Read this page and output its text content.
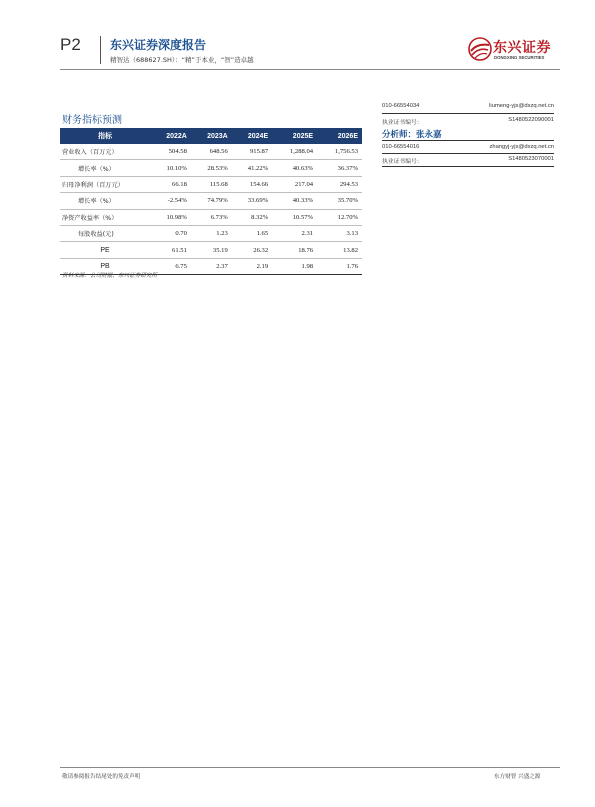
P2 东兴证券深度报告
精智达（688627.SH）：“精”于本业，“智”造卓越
东兴证券
DONGXING SECURITIES
财务指标预测
指标	2022A	2023A	2024E	2025E	2026E
营业收入（百万元）	504.58	648.56	915.87	1,288.04	1,756.53
增长率（%）	10.10%	28.53%	41.22%	40.63%	36.37%
归母净利润（百万元）	66.18	115.68	154.66	217.04	294.53
增长率（%）	-2.54%	74.79%	33.69%	40.33%	35.70%
净资产收益率（%）	10.98%	6.73%	8.32%	10.57%	12.70%
每股收益(元)	0.70	1.23	1.65	2.31	3.13
PE	61.51	35.19	26.32	18.76	13.82
PB	6.75	2.37	2.19	1.98	1.76
资料来源：公司财报、东兴证券研究所
010-66554034	liumeng-yjs@dxzq.net.cn
执业证书编号：	S1480522090001
分析师：张永嘉
010-66554016	zhangyj-yjs@dxzq.net.cn
执业证书编号：	S1480523070001
敬请参阅报告结尾处的免责声明	东方财智 兴盛之源
